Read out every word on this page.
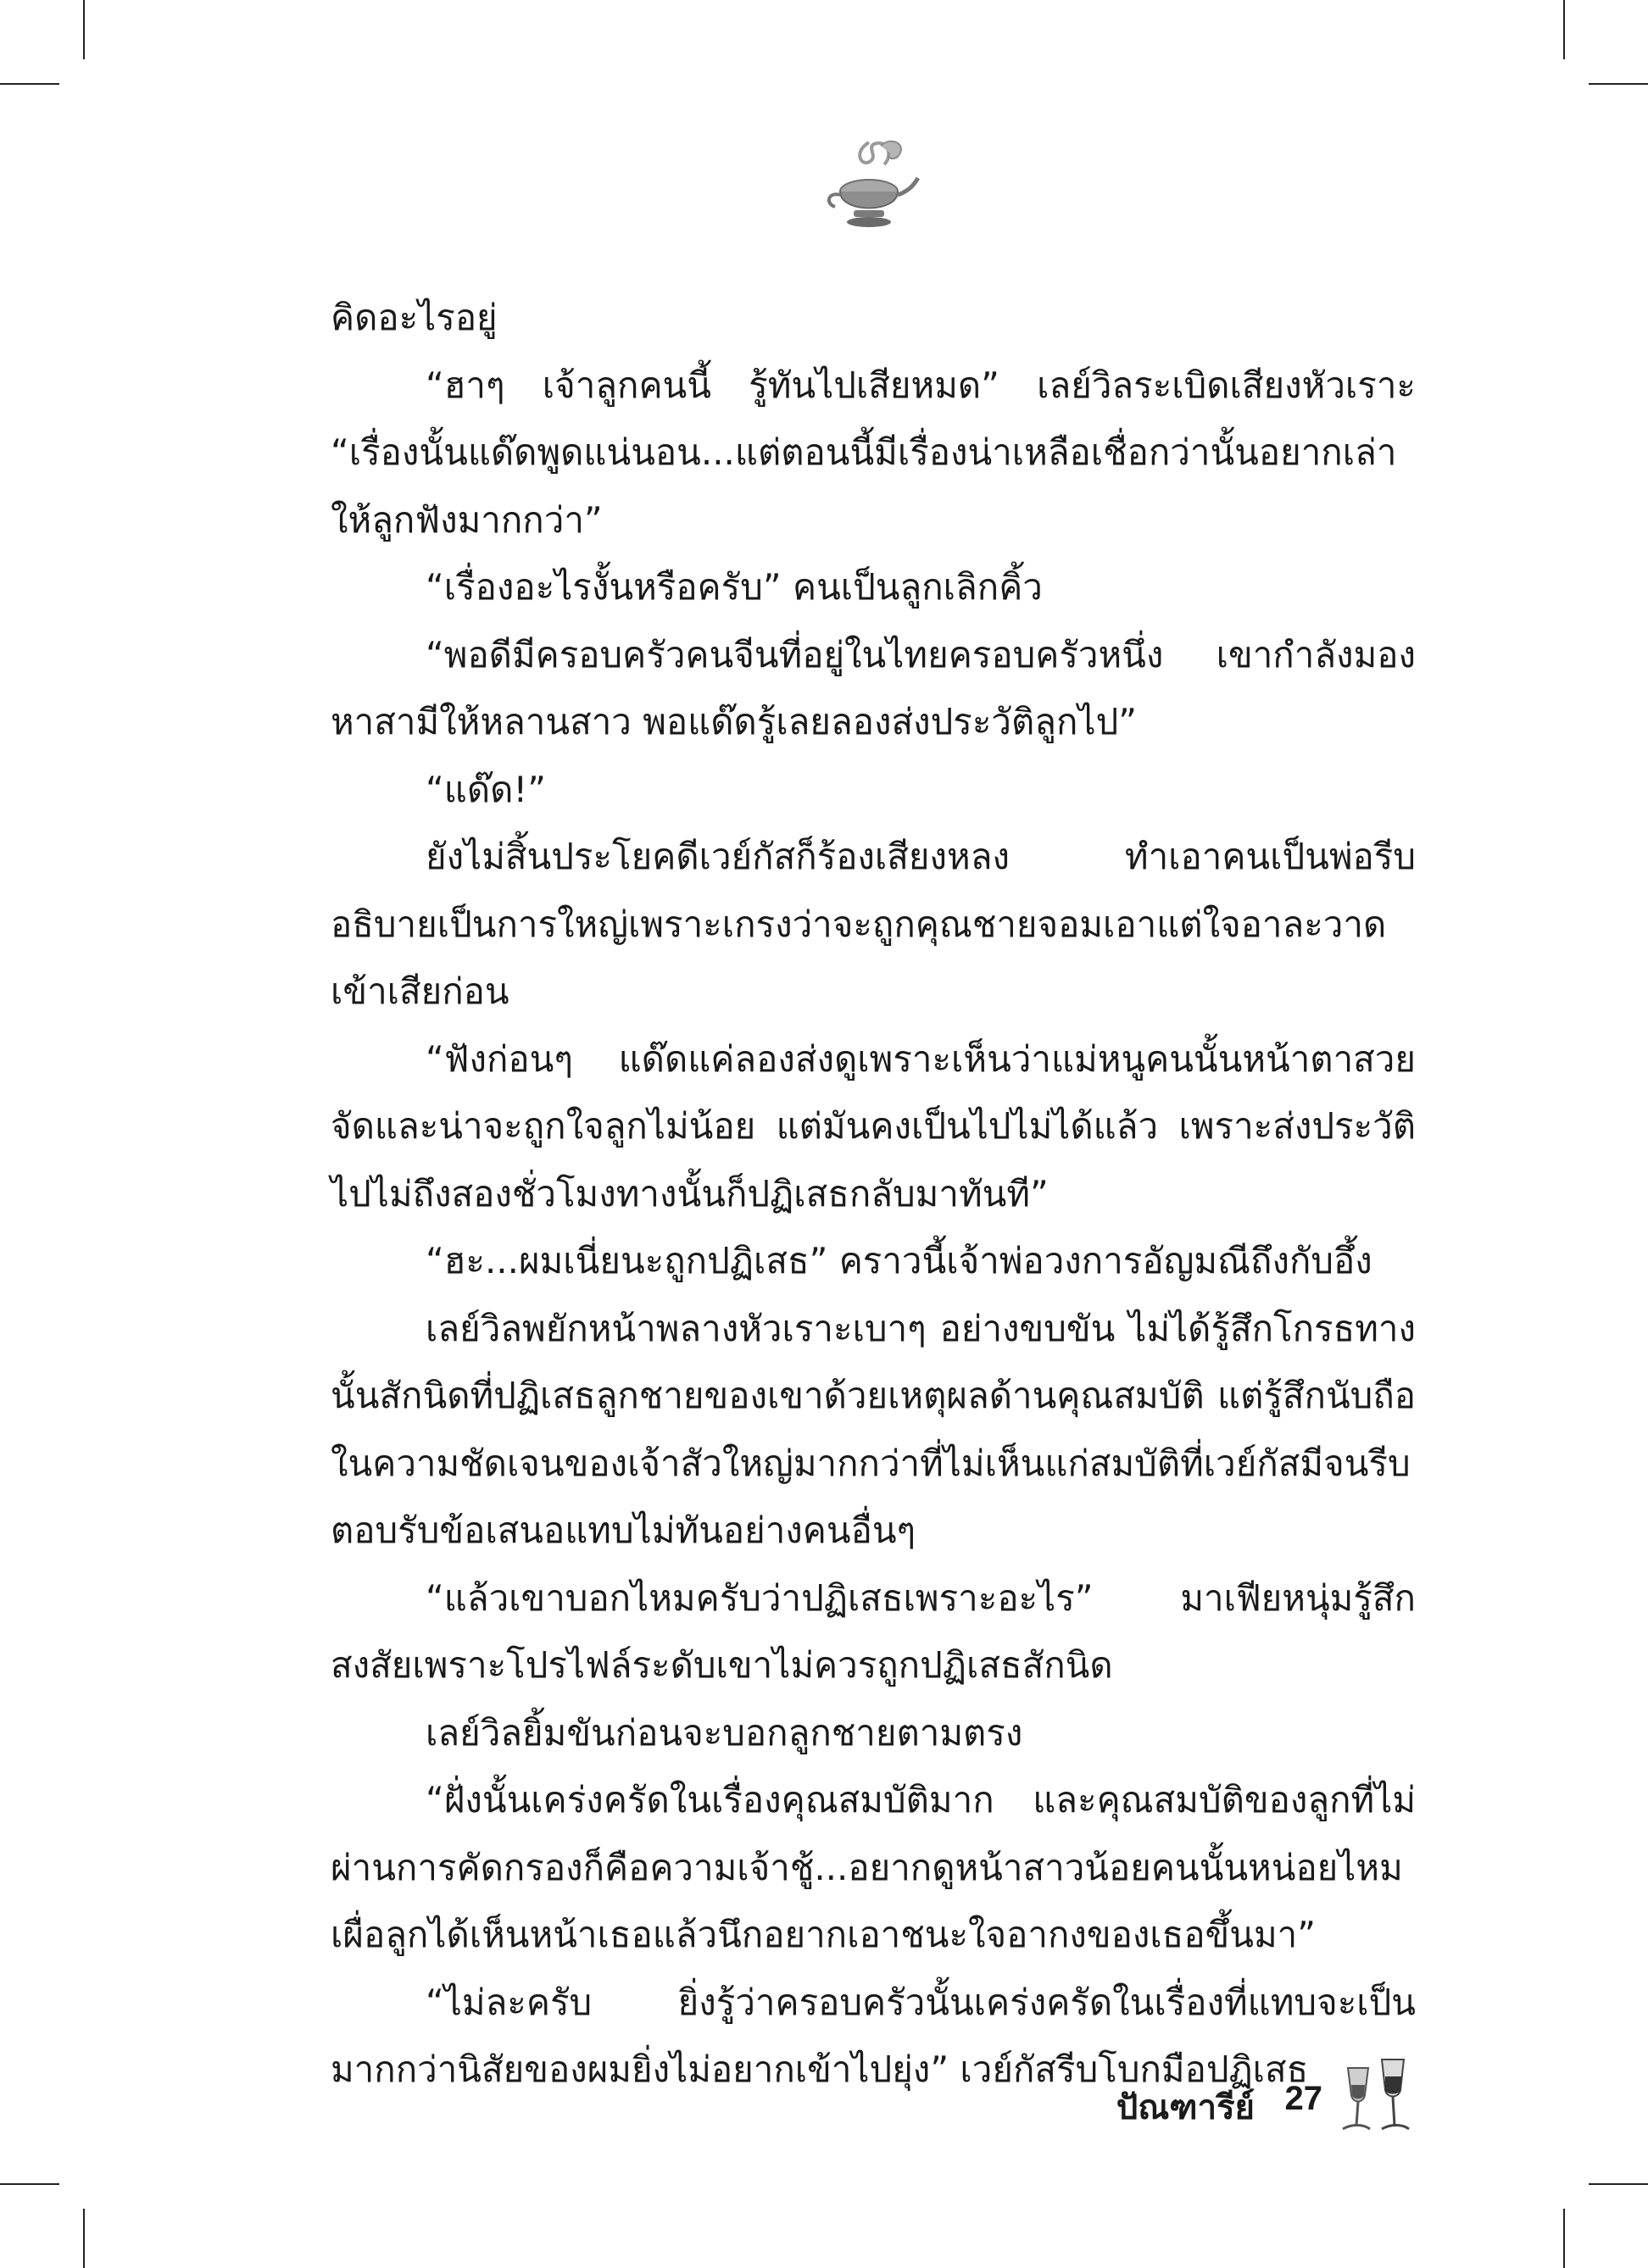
คิดอะไรอยู่

“ฮาๆ เจ้าลูกคนนี้ รู้ทันไปเสียหมด” เลย์วิลระเบิดเสียงหัวเราะ “เรื่องนั้นแด๊ดพูดแน่นอน...แต่ตอนนี้มีเรื่องน่าเหลือเชื่อกว่านั้นอยากเล่าให้ลูกฟังมากกว่า”

“เรื่องอะไรงั้นหรือครับ” คนเป็นลูกเลิกคิ้ว

“พอดีมีครอบครัวคนจีนที่อยู่ในไทยครอบครัวหนึ่ง เขากำลังมองหาสามีให้หลานสาว พอแด๊ดรู้เลยลองส่งประวัติลูกไป”

“แด๊ด!”

ยังไม่สิ้นประโยคดีเวย์กัสก็ร้องเสียงหลง ทำเอาคนเป็นพ่อรีบอธิบายเป็นการใหญ่เพราะเกรงว่าจะถูกคุณชายจอมเอาแต่ใจอาละวาดเข้าเสียก่อน

“ฟังก่อนๆ แด๊ดแค่ลองส่งดูเพราะเห็นว่าแม่หนูคนนั้นหน้าตาสวยจัดและน่าจะถูกใจลูกไม่น้อย แต่มันคงเป็นไปไม่ได้แล้ว เพราะส่งประวัติไปไม่ถึงสองชั่วโมงทางนั้นก็ปฏิเสธกลับมาทันที”

“ฮะ...ผมเนี่ยนะถูกปฏิเสธ” คราวนี้เจ้าพ่อวงการอัญมณีถึงกับอึ้ง

เลย์วิลพยักหน้าพลางหัวเราะเบาๆ อย่างขบขัน ไม่ได้รู้สึกโกรธทางนั้นสักนิดที่ปฏิเสธลูกชายของเขาด้วยเหตุผลด้านคุณสมบัติ แต่รู้สึกนับถือในความชัดเจนของเจ้าสัวใหญ่มากกว่าที่ไม่เห็นแก่สมบัติที่เวย์กัสมีจนรีบตอบรับข้อเสนอแทบไม่ทันอย่างคนอื่นๆ

“แล้วเขาบอกไหมครับว่าปฏิเสธเพราะอะไร” มาเฟียหนุ่มรู้สึกสงสัยเพราะโปรไฟล์ระดับเขาไม่ควรถูกปฏิเสธสักนิด

เลย์วิลยิ้มขันก่อนจะบอกลูกชายตามตรง

“ฝั่งนั้นเคร่งครัดในเรื่องคุณสมบัติมาก และคุณสมบัติของลูกที่ไม่ผ่านการคัดกรองก็คือความเจ้าชู้...อยากดูหน้าสาวน้อยคนนั้นหน่อยไหม เผื่อลูกได้เห็นหน้าเธอแล้วนึกอยากเอาชนะใจอากงของเธอขึ้นมา”

“ไม่ละครับ ยิ่งรู้ว่าครอบครัวนั้นเคร่งครัดในเรื่องที่แทบจะเป็นมากกว่านิสัยของผมยิ่งไม่อยากเข้าไปยุ่ง” เวย์กัสรีบโบกมือปฏิเสธ

ปัณฑารีย์ 27
